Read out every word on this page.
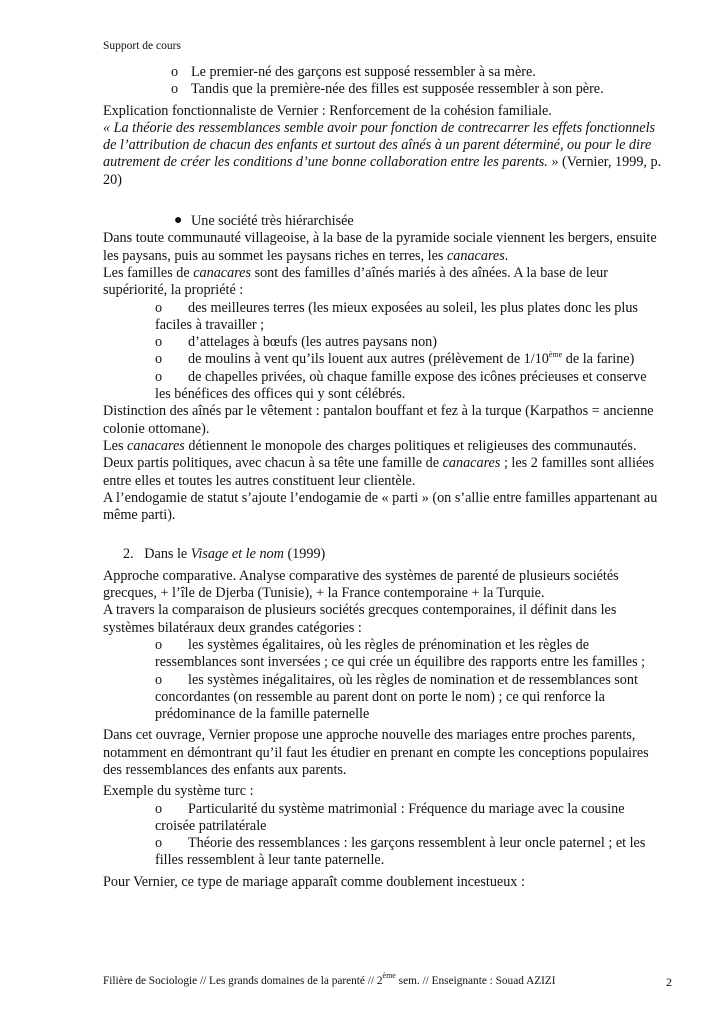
Support de cours

o Le premier-né des garçons est supposé ressembler à sa mère.

o Tandis que la première-née des filles est supposée ressembler à son père.

Explication fonctionnaliste de Vernier : Renforcement de la cohésion familiale.

« La théorie des ressemblances semble avoir pour fonction de contrecarrer les effets fonctionnels de l’attribution de chacun des enfants et surtout des aînés à un parent déterminé, ou pour le dire autrement de créer les conditions d’une bonne collaboration entre les parents. » (Vernier, 1999, p. 20)

● Une société très hiérarchisée

Dans toute communauté villageoise, à la base de la pyramide sociale viennent les bergers, ensuite les paysans, puis au sommet les paysans riches en terres, les canacares.

Les familles de canacares sont des familles d’aînés mariés à des aînées. A la base de leur supériorité, la propriété :

o	des meilleures terres (les mieux exposées au soleil, les plus plates donc les plus faciles à travailler ;

o	d’attelages à bœufs (les autres paysans non)

o	de moulins à vent qu’ils louent aux autres (prélèvement de 1/10ème de la farine)

o	de chapelles privées, où chaque famille expose des icônes précieuses et conserve les bénéfices des offices qui y sont célébrés.

Distinction des aînés par le vêtement : pantalon bouffant et fez à la turque (Karpathos = ancienne colonie ottomane).

Les canacares détiennent le monopole des charges politiques et religieuses des communautés.

Deux partis politiques, avec chacun à sa tête une famille de canacares ; les 2 familles sont alliées entre elles et toutes les autres constituent leur clientèle.

A l’endogamie de statut s’ajoute l’endogamie de « parti » (on s’allie entre familles appartenant au même parti).

2. Dans le Visage et le nom (1999)

Approche comparative. Analyse comparative des systèmes de parenté de plusieurs sociétés grecques, + l’île de Djerba (Tunisie), + la France contemporaine + la Turquie.

A travers la comparaison de plusieurs sociétés grecques contemporaines, il définit dans les systèmes bilatéraux deux grandes catégories :

o	les systèmes égalitaires, où les règles de prénomination et les règles de ressemblances sont inversées ; ce qui crée un équilibre des rapports entre les familles ;

o	les systèmes inégalitaires, où les règles de nomination et de ressemblances sont concordantes (on ressemble au parent dont on porte le nom) ; ce qui renforce la prédominance de la famille paternelle

Dans cet ouvrage, Vernier propose une approche nouvelle des mariages entre proches parents, notamment en démontrant qu’il faut les étudier en prenant en compte les conceptions populaires des ressemblances des enfants aux parents.

Exemple du système turc :

o	Particularité du système matrimonial : Fréquence du mariage avec la cousine croisée patrilatérale

o	Théorie des ressemblances : les garçons ressemblent à leur oncle paternel ; et les filles ressemblent à leur tante paternelle.

Pour Vernier, ce type de mariage apparaît comme doublement incestueux :

Filière de Sociologie // Les grands domaines de la parenté // 2ème sem. // Enseignante : Souad AZIZI	2
